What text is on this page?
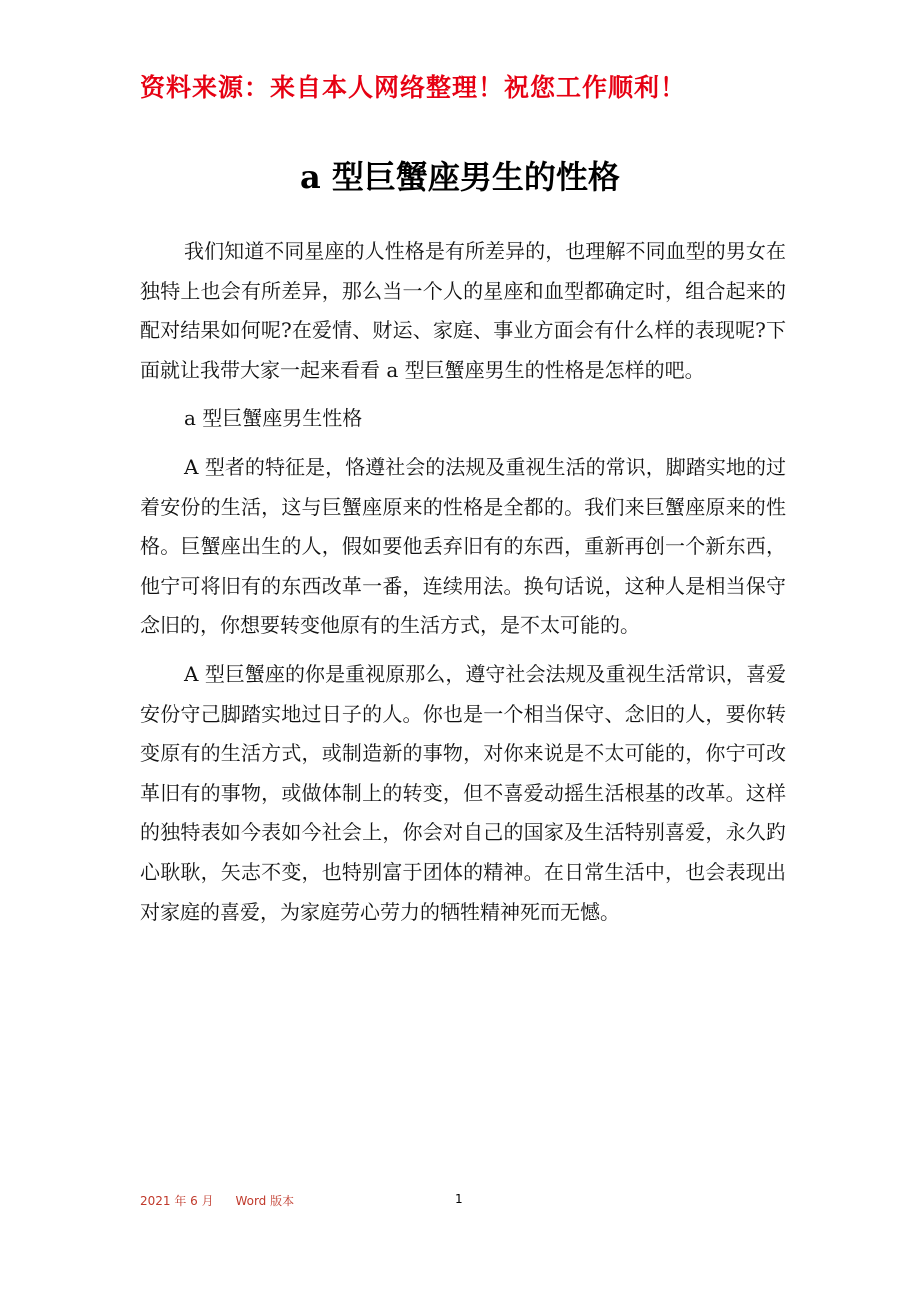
资料来源：来自本人网络整理！祝您工作顺利！
a 型巨蟹座男生的性格

我们知道不同星座的人性格是有所差异的，也理解不同血型的男女在独特上也会有所差异，那么当一个人的星座和血型都确定时，组合起来的配对结果如何呢?在爱情、财运、家庭、事业方面会有什么样的表现呢?下面就让我带大家一起来看看 a 型巨蟹座男生的性格是怎样的吧。

a 型巨蟹座男生性格

A 型者的特征是，恪遵社会的法规及重视生活的常识，脚踏实地的过着安份的生活，这与巨蟹座原来的性格是全都的。我们来巨蟹座原来的性格。巨蟹座出生的人，假如要他丢弃旧有的东西，重新再创一个新东西，他宁可将旧有的东西改革一番，连续用法。换句话说，这种人是相当保守念旧的，你想要转变他原有的生活方式，是不太可能的。

A 型巨蟹座的你是重视原那么，遵守社会法规及重视生活常识，喜爱安份守己脚踏实地过日子的人。你也是一个相当保守、念旧的人，要你转变原有的生活方式，或制造新的事物，对你来说是不太可能的，你宁可改革旧有的事物，或做体制上的转变，但不喜爱动摇生活根基的改革。这样的独特表如今表如今社会上，你会对自己的国家及生活特别喜爱，永久趵心耿耿，矢志不变，也特别富于团体的精神。在日常生活中，也会表现出对家庭的喜爱，为家庭劳心劳力的牺牲精神死而无憾。

2021 年 6 月 Word 版本	1
